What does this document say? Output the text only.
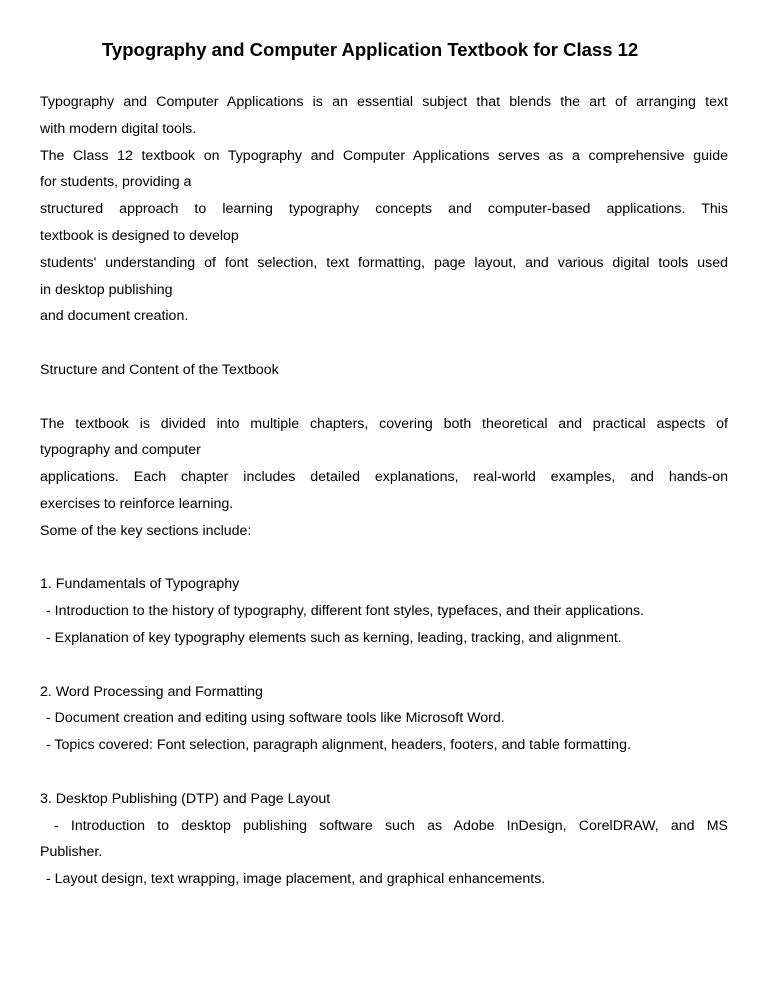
Typography and Computer Application Textbook for Class 12
Typography and Computer Applications is an essential subject that blends the art of arranging text
with modern digital tools.
The Class 12 textbook on Typography and Computer Applications serves as a comprehensive guide
for students, providing a
structured approach to learning typography concepts and computer-based applications. This
textbook is designed to develop
students' understanding of font selection, text formatting, page layout, and various digital tools used
in desktop publishing
and document creation.
Structure and Content of the Textbook
The textbook is divided into multiple chapters, covering both theoretical and practical aspects of
typography and computer
applications. Each chapter includes detailed explanations, real-world examples, and hands-on
exercises to reinforce learning.
Some of the key sections include:
1. Fundamentals of Typography
- Introduction to the history of typography, different font styles, typefaces, and their applications.
- Explanation of key typography elements such as kerning, leading, tracking, and alignment.
2. Word Processing and Formatting
- Document creation and editing using software tools like Microsoft Word.
- Topics covered: Font selection, paragraph alignment, headers, footers, and table formatting.
3. Desktop Publishing (DTP) and Page Layout
- Introduction to desktop publishing software such as Adobe InDesign, CorelDRAW, and MS
Publisher.
- Layout design, text wrapping, image placement, and graphical enhancements.
